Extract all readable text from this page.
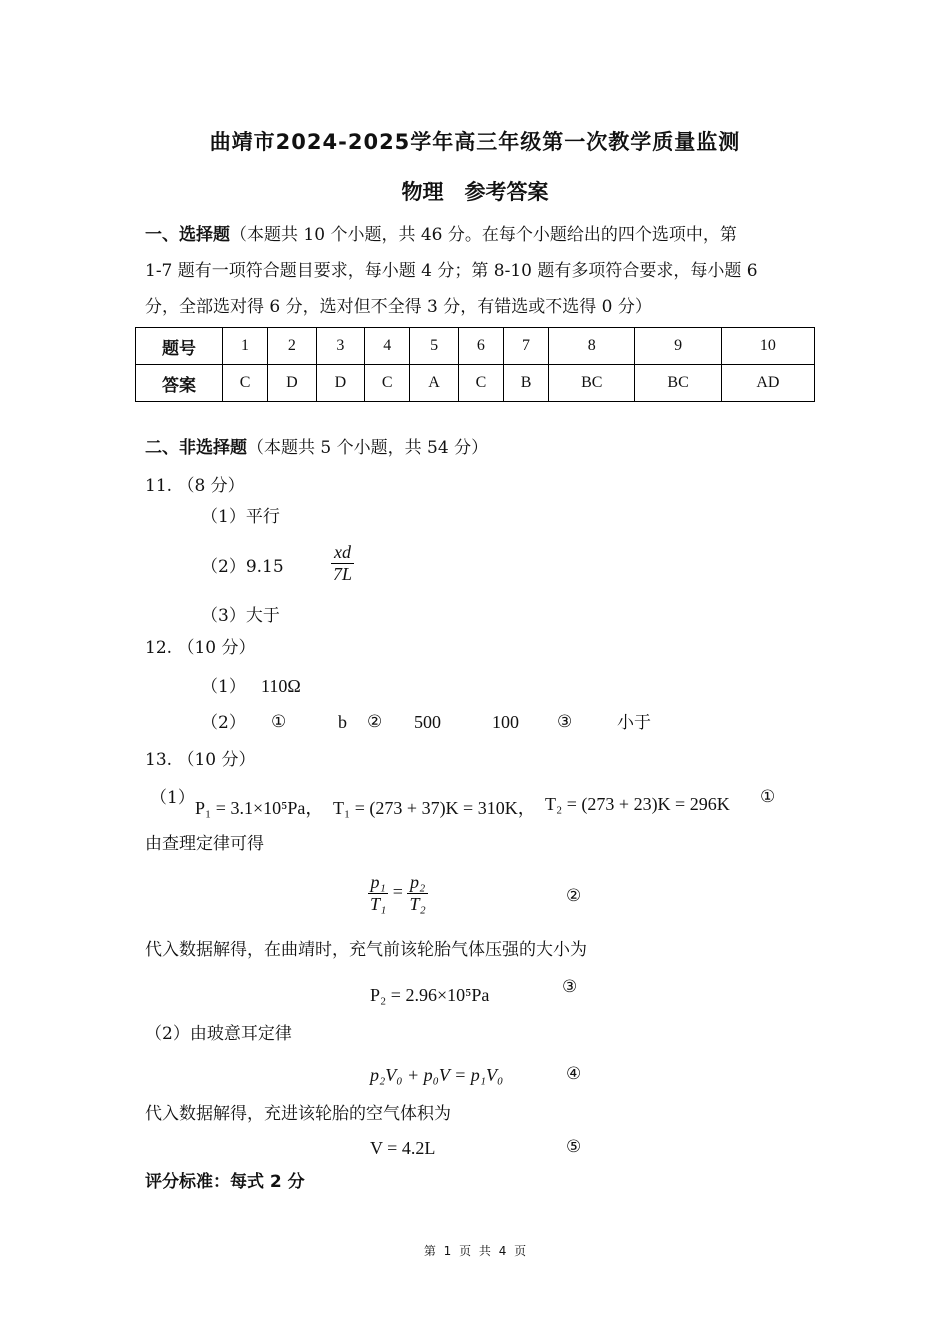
曲靖市2024-2025学年高三年级第一次教学质量监测
物理　参考答案
一、选择题（本题共 10 个小题，共 46 分。在每个小题给出的四个选项中，第
1-7 题有一项符合题目要求，每小题 4 分；第 8-10 题有多项符合要求，每小题 6
分，全部选对得 6 分，选对但不全得 3 分，有错选或不选得 0 分）
题号	1	2	3	4	5	6	7	8	9	10
答案	C	D	D	C	A	C	B	BC	BC	AD
二、非选择题（本题共 5 个小题，共 54 分）
11. （8 分）
（1）平行
（2）9.15	$\frac{xd}{7L}$
（3）大于
12. （10 分）
（1） 110Ω
（2） ①	b ② 500	100 ③	小于
13. （10 分）
（1） P₁ = 3.1×10⁵Pa， T₁ = (273 + 37)K = 310K， T₂ = (273 + 23)K = 296K ①
由查理定律可得
$\frac{\text{p₁}}{\text{T₁}} = \frac{\text{p₂}}{\text{T₂}}$	②
代入数据解得，在曲靖时，充气前该轮胎气体压强的大小为
P₂ = 2.96×10⁵Pa	③
（2）由玻意耳定律
p₂V₀ + p₀V = p₁V₀	④
代入数据解得，充进该轮胎的空气体积为
V = 4.2L	⑤
评分标准：每式 2 分
第 1 页 共 4 页
